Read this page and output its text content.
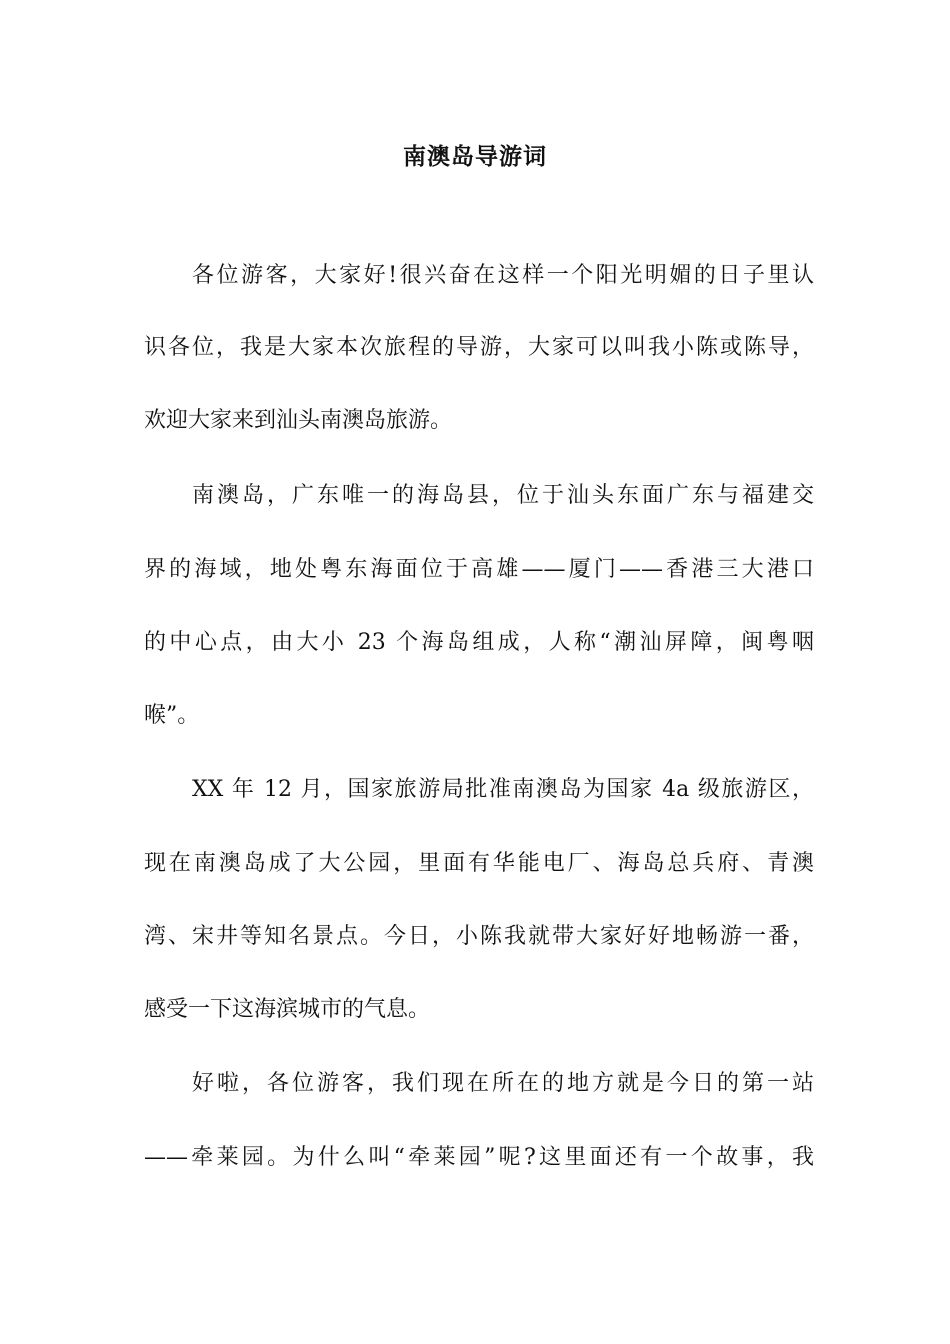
南澳岛导游词
各位游客，大家好!很兴奋在这样一个阳光明媚的日子里认
识各位，我是大家本次旅程的导游，大家可以叫我小陈或陈导，
欢迎大家来到汕头南澳岛旅游。
南澳岛，广东唯一的海岛县，位于汕头东面广东与福建交
界的海域，地处粤东海面位于高雄——厦门——香港三大港口
的中心点，由大小 23 个海岛组成，人称“潮汕屏障，闽粤咽
喉”。
XX 年 12 月，国家旅游局批准南澳岛为国家 4a 级旅游区，
现在南澳岛成了大公园，里面有华能电厂、海岛总兵府、青澳
湾、宋井等知名景点。今日，小陈我就带大家好好地畅游一番，
感受一下这海滨城市的气息。
好啦，各位游客，我们现在所在的地方就是今日的第一站
——牵莱园。为什么叫“牵莱园”呢?这里面还有一个故事，我
